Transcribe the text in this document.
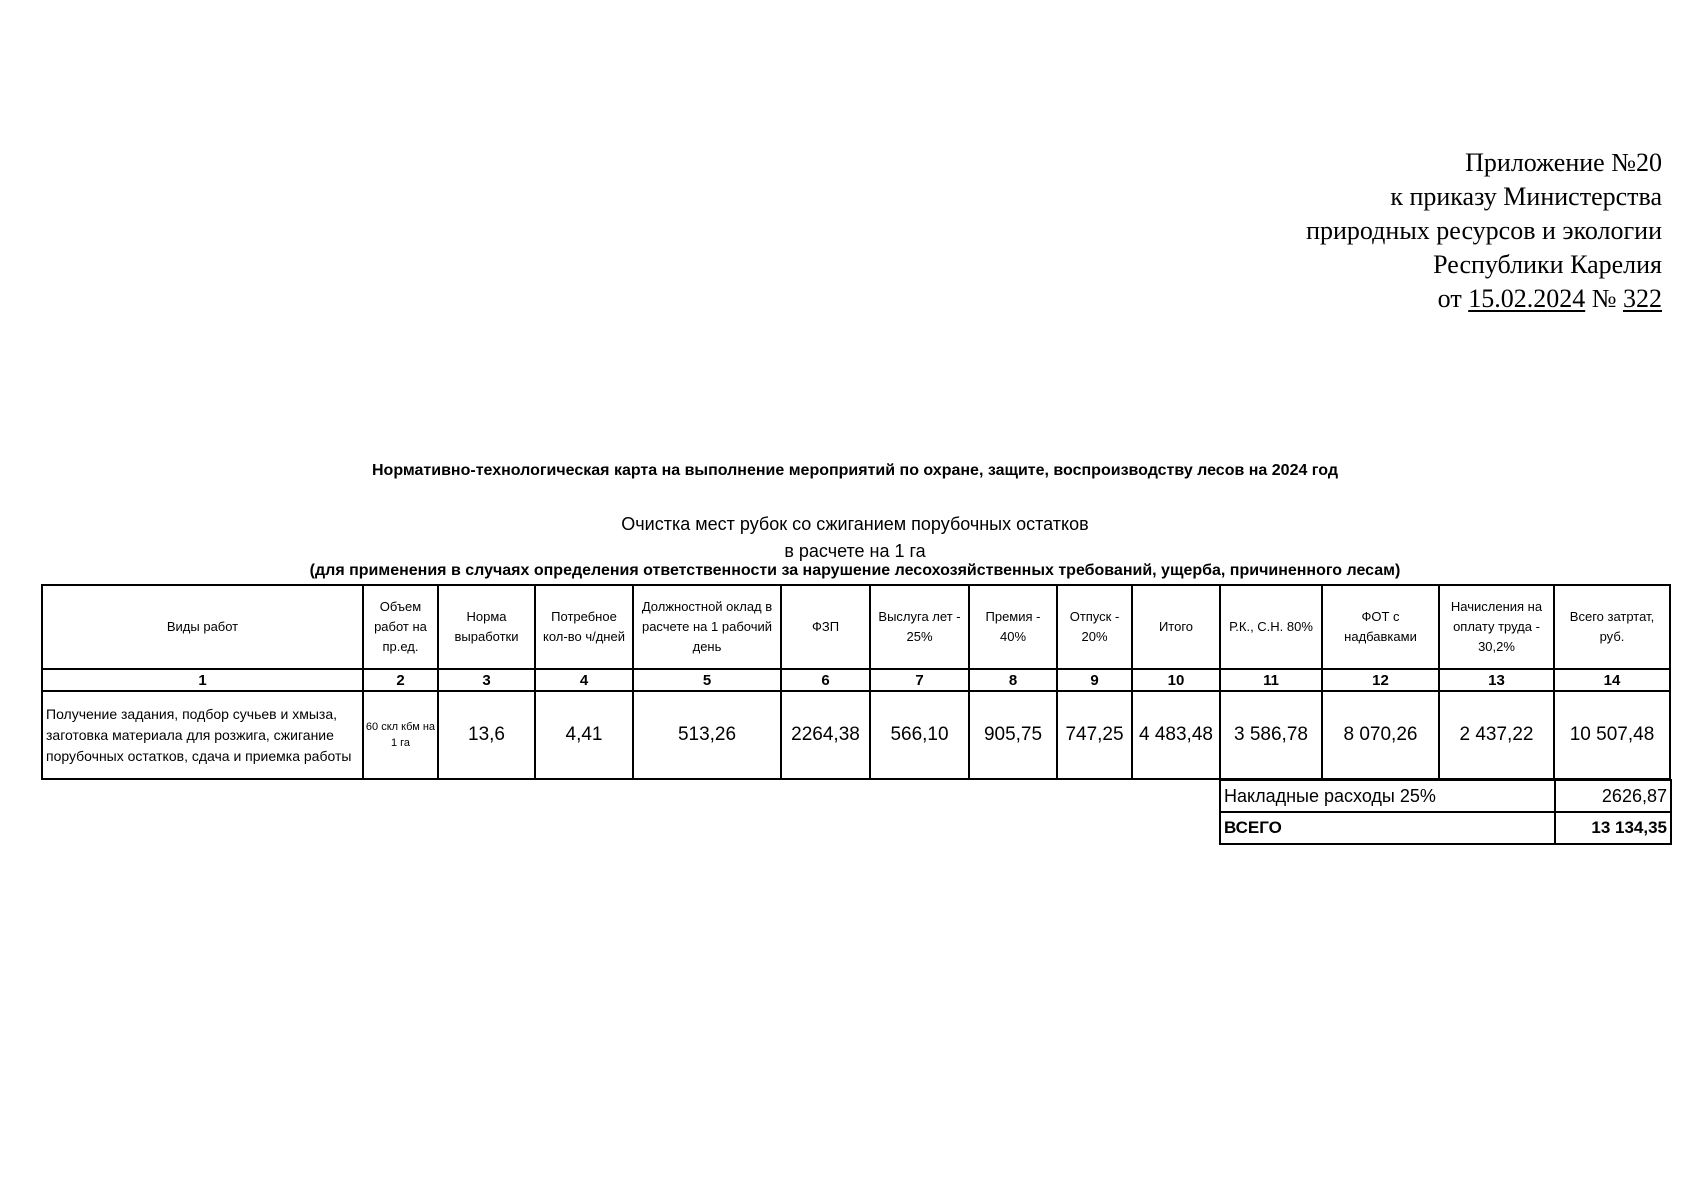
Приложение №20
к приказу Министерства
природных ресурсов и экологии
Республики Карелия
от 15.02.2024 № 322
Нормативно-технологическая карта на выполнение мероприятий по охране, защите, воспроизводству лесов на 2024 год
Очистка мест рубок со сжиганием порубочных остатков
в расчете на 1 га
(для применения в случаях определения ответственности за нарушение лесохозяйственных требований, ущерба, причиненного лесам)
Виды работ	Объем работ на пр.ед.	Норма выработки	Потребное кол-во ч/дней	Должностной оклад в расчете на 1 рабочий день	ФЗП	Выслуга лет - 25%	Премия - 40%	Отпуск - 20%	Итого	Р.К., С.Н. 80%	ФОТ с надбавками	Начисления на оплату труда - 30,2%	Всего затртат, руб.
1	2	3	4	5	6	7	8	9	10	11	12	13	14
Получение задания, подбор сучьев и хмыза, заготовка материала для розжига, сжигание порубочных остатков, сдача и приемка работы	60 скл кбм на 1 га	13,6	4,41	513,26	2264,38	566,10	905,75	747,25	4 483,48	3 586,78	8 070,26	2 437,22	10 507,48
Накладные расходы 25%	2626,87
ВСЕГО	13 134,35
